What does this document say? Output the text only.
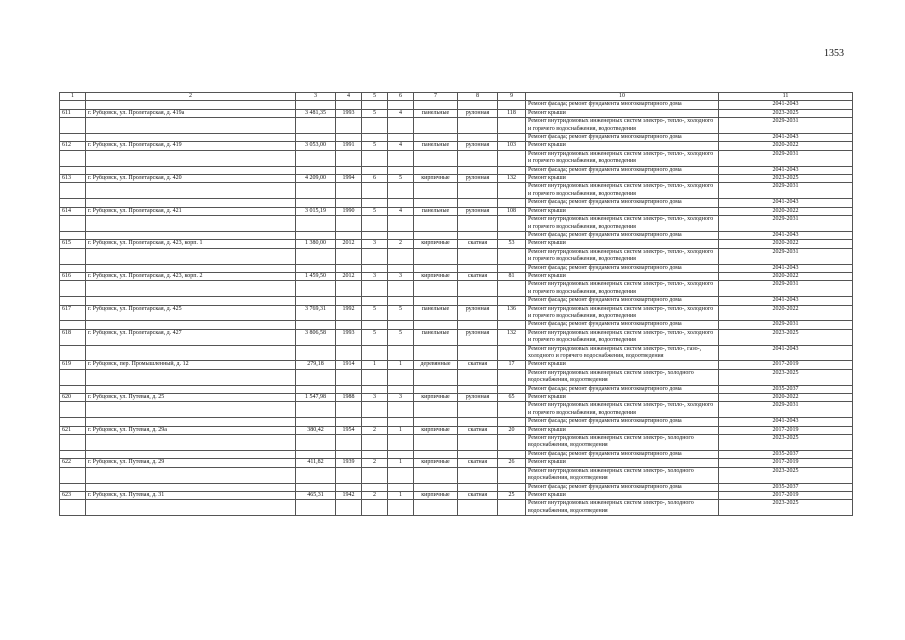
1353
1	2	3	4	5	6	7	8	9	10	11
									Ремонт фасада; ремонт фундамента многоквартирного дома	2041-2043
611	г. Рубцовск, ул. Пролетарская, д. 419а	3 481,35	1993	5	4	панельные	рулонная	118	Ремонт крыши	2023-2025
									Ремонт внутридомовых инженерных систем электро-, тепло-, холодного и горячего водоснабжения, водоотведения	2029-2031
									Ремонт фасада; ремонт фундамента многоквартирного дома	2041-2043
612	г. Рубцовск, ул. Пролетарская, д. 419	3 053,00	1991	5	4	панельные	рулонная	103	Ремонт крыши	2020-2022
									Ремонт внутридомовых инженерных систем электро-, тепло-, холодного и горячего водоснабжения, водоотведения	2029-2031
									Ремонт фасада; ремонт фундамента многоквартирного дома	2041-2043
613	г. Рубцовск, ул. Пролетарская, д. 420	4 209,00	1994	6	5	кирпичные	рулонная	132	Ремонт крыши	2023-2025
									Ремонт внутридомовых инженерных систем электро-, тепло-, холодного и горячего водоснабжения, водоотведения	2029-2031
									Ремонт фасада; ремонт фундамента многоквартирного дома	2041-2043
614	г. Рубцовск, ул. Пролетарская, д. 421	3 015,19	1990	5	4	панельные	рулонная	108	Ремонт крыши	2020-2022
									Ремонт внутридомовых инженерных систем электро-, тепло-, холодного и горячего водоснабжения, водоотведения	2029-2031
									Ремонт фасада; ремонт фундамента многоквартирного дома	2041-2043
615	г. Рубцовск, ул. Пролетарская, д. 423, корп. 1	1 380,00	2012	3	2	кирпичные	скатная	53	Ремонт крыши	2020-2022
									Ремонт внутридомовых инженерных систем электро-, тепло-, холодного и горячего водоснабжения, водоотведения	2029-2031
									Ремонт фасада; ремонт фундамента многоквартирного дома	2041-2043
616	г. Рубцовск, ул. Пролетарская, д. 423, корп. 2	1 459,50	2012	3	3	кирпичные	скатная	81	Ремонт крыши	2020-2022
									Ремонт внутридомовых инженерных систем электро-, тепло-, холодного и горячего водоснабжения, водоотведения	2029-2031
									Ремонт фасада; ремонт фундамента многоквартирного дома	2041-2043
617	г. Рубцовск, ул. Пролетарская, д. 425	3 769,31	1992	5	5	панельные	рулонная	136	Ремонт внутридомовых инженерных систем электро-, тепло-, холодного и горячего водоснабжения, водоотведения	2020-2022
									Ремонт фасада; ремонт фундамента многоквартирного дома	2029-2031
618	г. Рубцовск, ул. Пролетарская, д. 427	3 806,58	1993	5	5	панельные	рулонная	132	Ремонт внутридомовых инженерных систем электро-, тепло-, холодного и горячего водоснабжения, водоотведения	2023-2025
									Ремонт внутридомовых инженерных систем электро-, тепло-, газо-, холодного и горячего водоснабжения, водоотведения	2041-2043
619	г. Рубцовск, пер. Промышленный, д. 12	279,18	1914	1	1	деревянные	скатная	17	Ремонт крыши	2017-2019
									Ремонт внутридомовых инженерных систем электро-, холодного водоснабжения, водоотведения	2023-2025
									Ремонт фасада; ремонт фундамента многоквартирного дома	2035-2037
620	г. Рубцовск, ул. Путевая, д. 25	1 547,98	1988	3	3	кирпичные	рулонная	65	Ремонт крыши	2020-2022
									Ремонт внутридомовых инженерных систем электро-, тепло-, холодного и горячего водоснабжения, водоотведения	2029-2031
									Ремонт фасада; ремонт фундамента многоквартирного дома	2041-2043
621	г. Рубцовск, ул. Путевая, д. 29а	380,42	1954	2	1	кирпичные	скатная	20	Ремонт крыши	2017-2019
									Ремонт внутридомовых инженерных систем электро-, холодного водоснабжения, водоотведения	2023-2025
									Ремонт фасада; ремонт фундамента многоквартирного дома	2035-2037
622	г. Рубцовск, ул. Путевая, д. 29	411,82	1939	2	1	кирпичные	скатная	26	Ремонт крыши	2017-2019
									Ремонт внутридомовых инженерных систем электро-, холодного водоснабжения, водоотведения	2023-2025
									Ремонт фасада; ремонт фундамента многоквартирного дома	2035-2037
623	г. Рубцовск, ул. Путевая, д. 31	465,31	1942	2	1	кирпичные	скатная	25	Ремонт крыши	2017-2019
									Ремонт внутридомовых инженерных систем электро-, холодного водоснабжения, водоотведения	2023-2025
